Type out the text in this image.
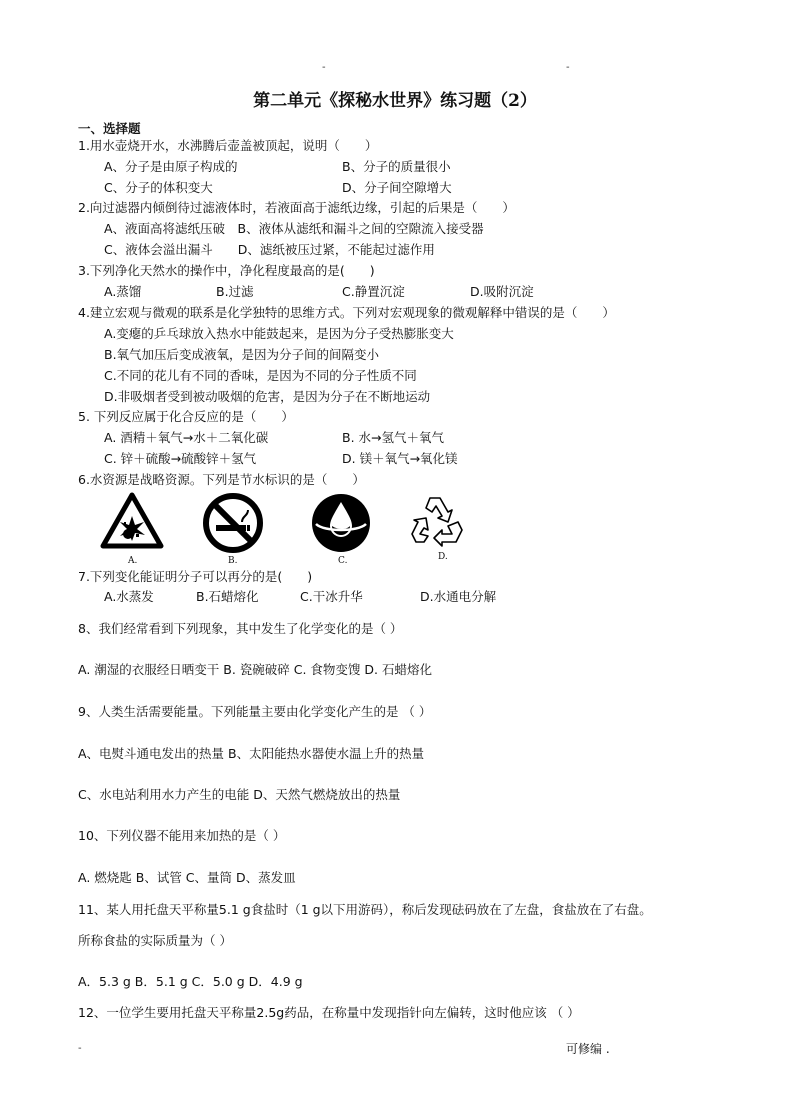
-	-
第二单元《探秘水世界》练习题（2）
一、选择题
1.用水壶烧开水，水沸腾后壶盖被顶起，说明（　　）
A、分子是由原子构成的	B、分子的质量很小
C、分子的体积变大	D、分子间空隙增大
2.向过滤器内倾倒待过滤液体时，若液面高于滤纸边缘，引起的后果是（　　）
A、液面高将滤纸压破　B、液体从滤纸和漏斗之间的空隙流入接受器
C、液体会溢出漏斗　　D、滤纸被压过紧，不能起过滤作用
3.下列净化天然水的操作中，净化程度最高的是(　　)
A.蒸馏	B.过滤	C.静置沉淀	D.吸附沉淀
4.建立宏观与微观的联系是化学独特的思维方式。下列对宏观现象的微观解释中错误的是（　　）
A.变瘪的乒乓球放入热水中能鼓起来，是因为分子受热膨胀变大
B.氧气加压后变成液氧，是因为分子间的间隔变小
C.不同的花儿有不同的香味，是因为不同的分子性质不同
D.非吸烟者受到被动吸烟的危害，是因为分子在不断地运动
5. 下列反应属于化合反应的是（　　）
A. 酒精＋氧气→水＋二氧化碳	B. 水→氢气＋氧气
C. 锌＋硫酸→硫酸锌＋氢气	D. 镁＋氧气→氧化镁
6.水资源是战略资源。下列是节水标识的是（　　）
A.	B.	C.	D.
7.下列变化能证明分子可以再分的是(　　)
A.水蒸发	B.石蜡熔化	C.干冰升华	D.水通电分解
8、我们经常看到下列现象，其中发生了化学变化的是（ ）
A. 潮湿的衣服经日晒变干 B. 瓷碗破碎 C. 食物变馊 D. 石蜡熔化
9、人类生活需要能量。下列能量主要由化学变化产生的是 （ ）
A、电熨斗通电发出的热量 B、太阳能热水器使水温上升的热量
C、水电站利用水力产生的电能 D、天然气燃烧放出的热量
10、下列仪器不能用来加热的是（ ）
A. 燃烧匙 B、试管 C、量筒 D、蒸发皿
11、某人用托盘天平称量5.1 g食盐时（1 g以下用游码），称后发现砝码放在了左盘，食盐放在了右盘。
所称食盐的实际质量为（ ）
A．5.3 g B．5.1 g C．5.0 g D．4.9 g
12、一位学生要用托盘天平称量2.5g药品，在称量中发现指针向左偏转，这时他应该 （ ）
-	可修编 .
